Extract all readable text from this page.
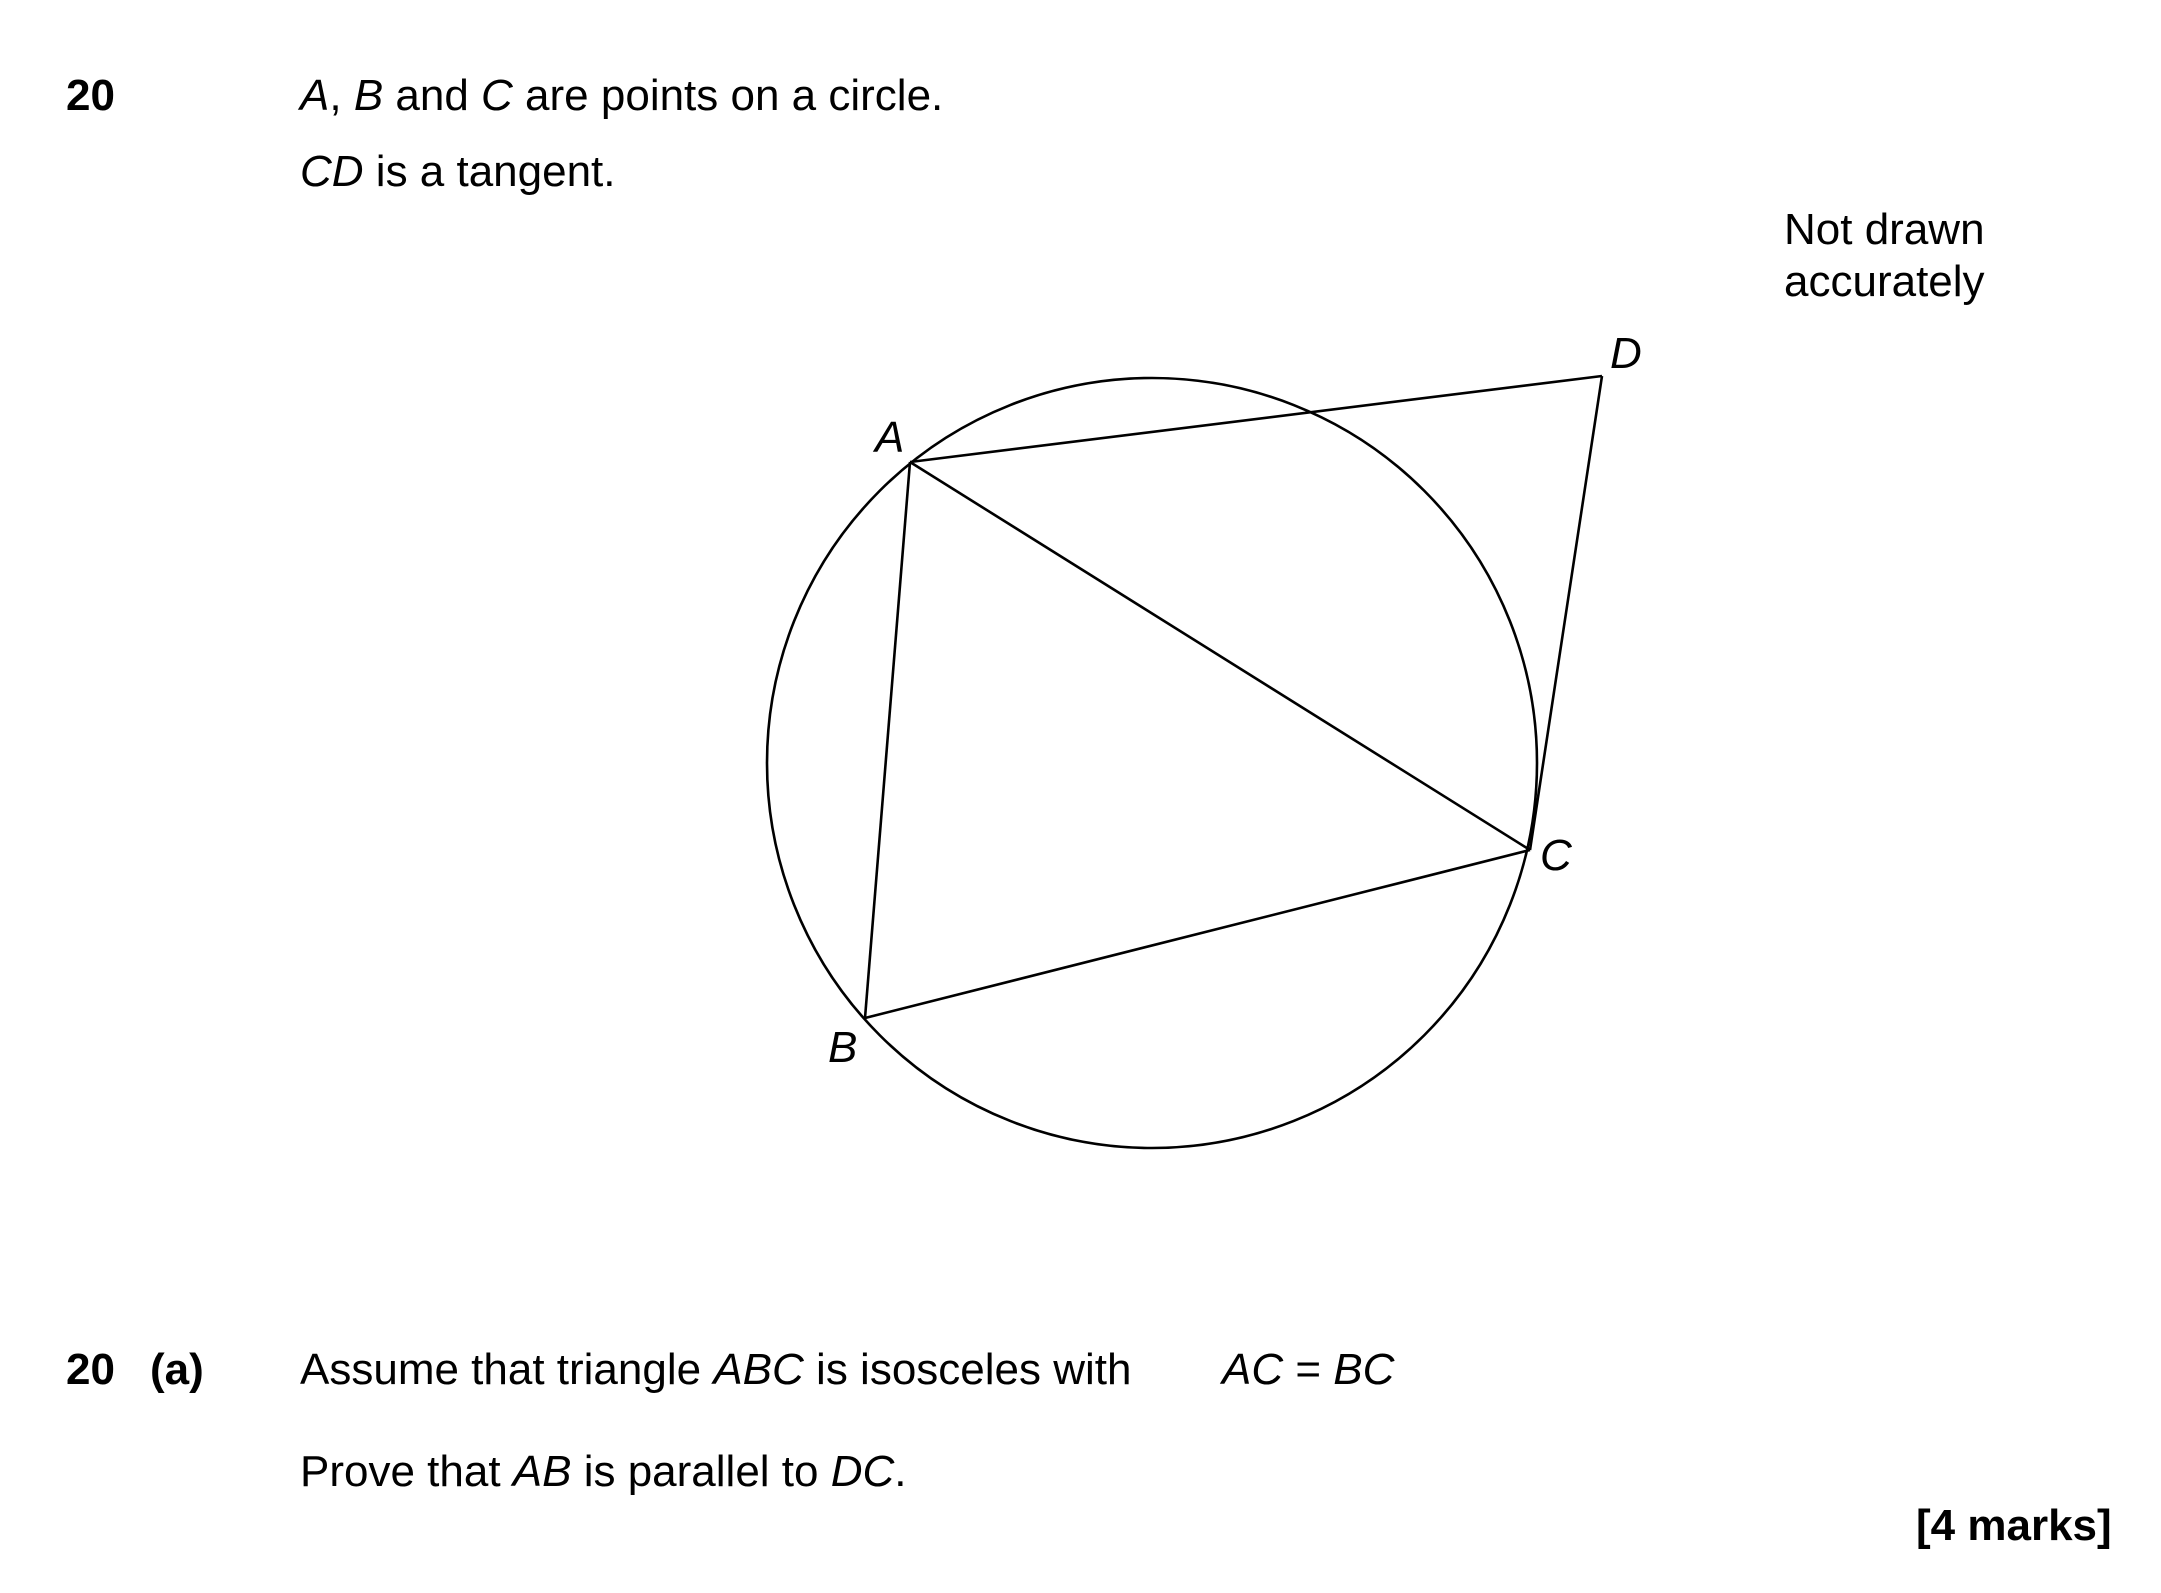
20	A, B and C are points on a circle.
CD is a tangent.
Not drawn
accurately
A
B
C
D
20 (a) Assume that triangle ABC is isosceles with AC = BC
Prove that AB is parallel to DC.
[4 marks]
